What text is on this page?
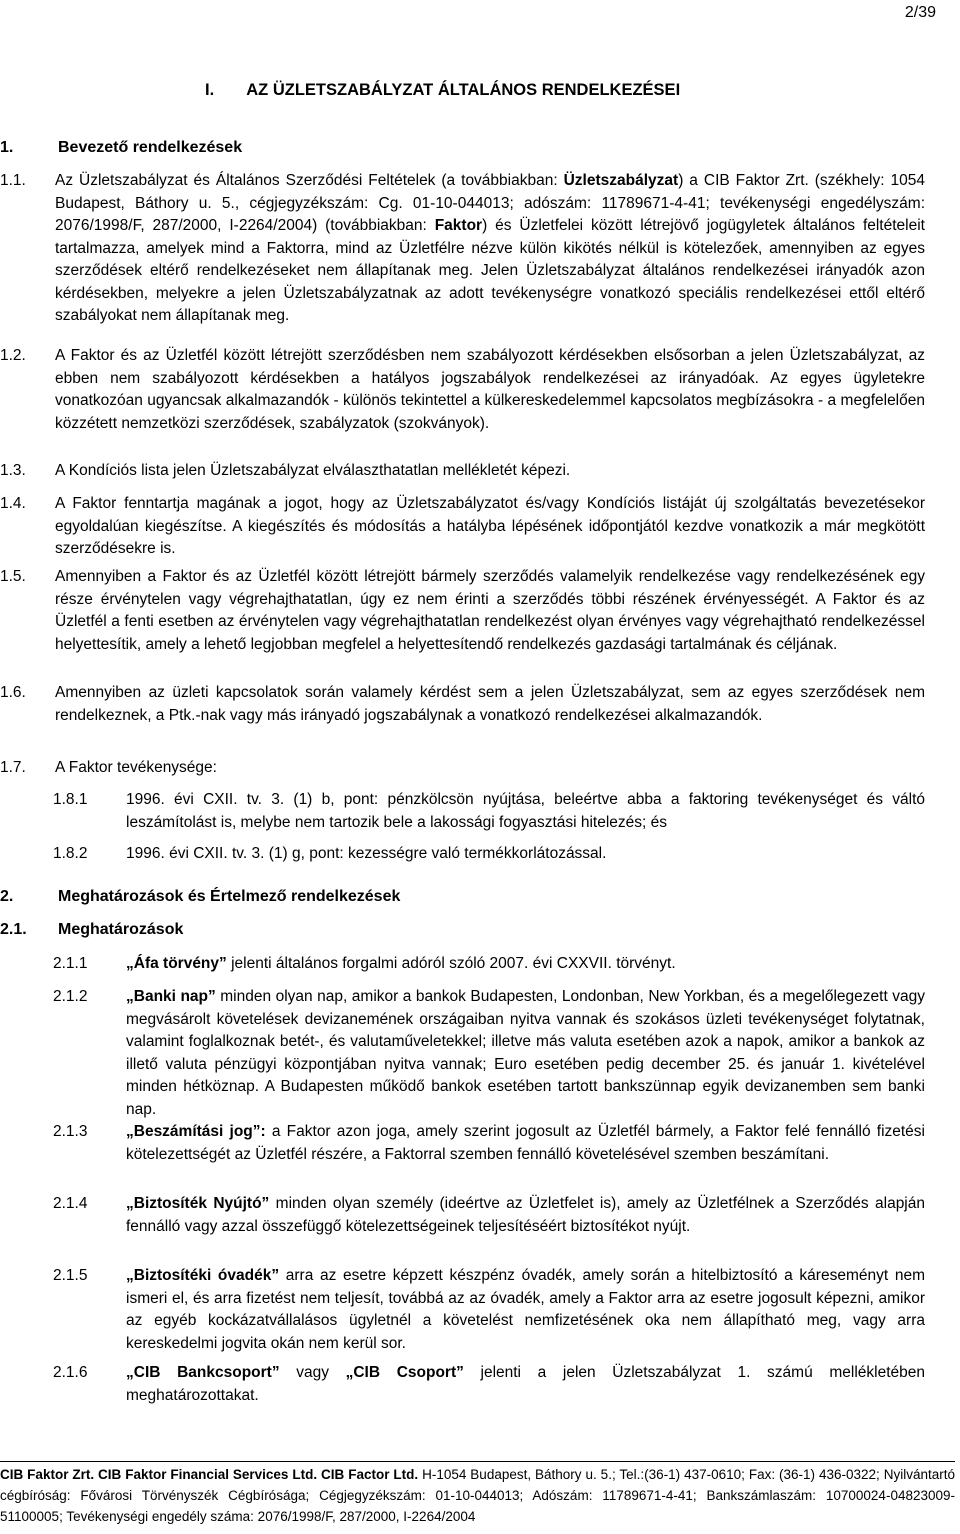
2/39
I. AZ ÜZLETSZABÁLYZAT ÁLTALÁNOS RENDELKEZÉSEI
1.	Bevezető rendelkezések
1.1. Az Üzletszabályzat és Általános Szerződési Feltételek (a továbbiakban: Üzletszabályzat) a CIB Faktor Zrt. (székhely: 1054 Budapest, Báthory u. 5., cégjegyzékszám: Cg. 01-10-044013; adószám: 11789671-4-41; tevékenységi engedélyszám: 2076/1998/F, 287/2000, I-2264/2004) (továbbiakban: Faktor) és Üzletfelei között létrejövő jogügyletek általános feltételeit tartalmazza, amelyek mind a Faktorra, mind az Üzletfélre nézve külön kikötés nélkül is kötelezőek, amennyiben az egyes szerződések eltérő rendelkezéseket nem állapítanak meg. Jelen Üzletszabályzat általános rendelkezései irányadók azon kérdésekben, melyekre a jelen Üzletszabályzatnak az adott tevékenységre vonatkozó speciális rendelkezései ettől eltérő szabályokat nem állapítanak meg.
1.2. A Faktor és az Üzletfél között létrejött szerződésben nem szabályozott kérdésekben elsősorban a jelen Üzletszabályzat, az ebben nem szabályozott kérdésekben a hatályos jogszabályok rendelkezései az irányadóak. Az egyes ügyletekre vonatkozóan ugyancsak alkalmazandók - különös tekintettel a külkereskedelemmel kapcsolatos megbízásokra - a megfelelően közzétett nemzetközi szerződések, szabályzatok (szokványok).
1.3. A Kondíciós lista jelen Üzletszabályzat elválaszthatatlan mellékletét képezi.
1.4. A Faktor fenntartja magának a jogot, hogy az Üzletszabályzatot és/vagy Kondíciós listáját új szolgáltatás bevezetésekor egyoldalúan kiegészítse. A kiegészítés és módosítás a hatályba lépésének időpontjától kezdve vonatkozik a már megkötött szerződésekre is.
1.5. Amennyiben a Faktor és az Üzletfél között létrejött bármely szerződés valamelyik rendelkezése vagy rendelkezésének egy része érvénytelen vagy végrehajthatatlan, úgy ez nem érinti a szerződés többi részének érvényességét. A Faktor és az Üzletfél a fenti esetben az érvénytelen vagy végrehajthatatlan rendelkezést olyan érvényes vagy végrehajtható rendelkezéssel helyettesítik, amely a lehető legjobban megfelel a helyettesítendő rendelkezés gazdasági tartalmának és céljának.
1.6. Amennyiben az üzleti kapcsolatok során valamely kérdést sem a jelen Üzletszabályzat, sem az egyes szerződések nem rendelkeznek, a Ptk.-nak vagy más irányadó jogszabálynak a vonatkozó rendelkezései alkalmazandók.
1.7. A Faktor tevékenysége:
1.8.1 1996. évi CXII. tv. 3. (1) b, pont: pénzkölcsön nyújtása, beleértve abba a faktoring tevékenységet és váltó leszámítolást is, melybe nem tartozik bele a lakossági fogyasztási hitelezés; és
1.8.2 1996. évi CXII. tv. 3. (1) g, pont: kezességre való termékkorlátozással.
2.	Meghatározások és Értelmező rendelkezések
2.1. Meghatározások
2.1.1 „Áfa törvény” jelenti általános forgalmi adóról szóló 2007. évi CXXVII. törvényt.
2.1.2 „Banki nap” minden olyan nap, amikor a bankok Budapesten, Londonban, New Yorkban, és a megelőlegezett vagy megvásárolt követelések devizanemének országaiban nyitva vannak és szokásos üzleti tevékenységet folytatnak, valamint foglalkoznak betét-, és valutaműveletekkel; illetve más valuta esetében azok a napok, amikor a bankok az illető valuta pénzügyi központjában nyitva vannak; Euro esetében pedig december 25. és január 1. kivételével minden hétköznap. A Budapesten működő bankok esetében tartott bankszünnap egyik devizanemben sem banki nap.
2.1.3 „Beszámítási jog”: a Faktor azon joga, amely szerint jogosult az Üzletfél bármely, a Faktor felé fennálló fizetési kötelezettségét az Üzletfél részére, a Faktorral szemben fennálló követelésével szemben beszámítani.
2.1.4 „Biztosíték Nyújtó” minden olyan személy (ideértve az Üzletfelet is), amely az Üzletfélnek a Szerződés alapján fennálló vagy azzal összefüggő kötelezettségeinek teljesítéséért biztosítékot nyújt.
2.1.5 „Biztosítéki óvadék” arra az esetre képzett készpénz óvadék, amely során a hitelbiztosító a káreseményt nem ismeri el, és arra fizetést nem teljesít, továbbá az az óvadék, amely a Faktor arra az esetre jogosult képezni, amikor az egyéb kockázatvállalásos ügyletnél a követelést nemfizetésének oka nem állapítható meg, vagy arra kereskedelmi jogvita okán nem kerül sor.
2.1.6 „CIB Bankcsoport” vagy „CIB Csoport” jelenti a jelen Üzletszabályzat 1. számú mellékletében meghatározottakat.
CIB Faktor Zrt. CIB Faktor Financial Services Ltd. CIB Factor Ltd. H-1054 Budapest, Báthory u. 5.; Tel.:(36-1) 437-0610; Fax: (36-1) 436-0322; Nyilvántartó cégbíróság: Fővárosi Törvényszék Cégbírósága; Cégjegyzékszám: 01-10-044013; Adószám: 11789671-4-41; Bankszámlaszám: 10700024-04823009-51100005; Tevékenységi engedély száma: 2076/1998/F, 287/2000, I-2264/2004
